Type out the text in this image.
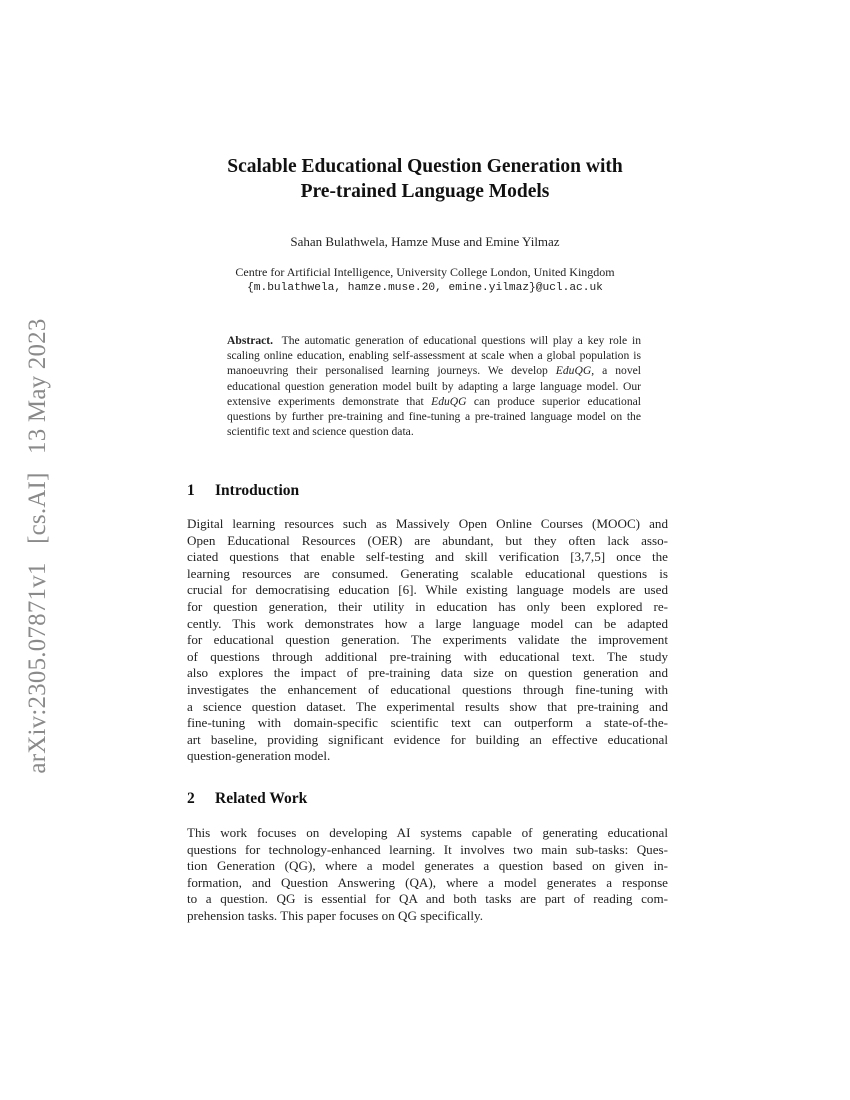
arXiv:2305.07871v1 [cs.AI] 13 May 2023
Scalable Educational Question Generation with
Pre-trained Language Models
Sahan Bulathwela, Hamze Muse and Emine Yilmaz
Centre for Artificial Intelligence, University College London, United Kingdom
{m.bulathwela, hamze.muse.20, emine.yilmaz}@ucl.ac.uk
Abstract. The automatic generation of educational questions will play a key role in scaling online education, enabling self-assessment at scale when a global population is manoeuvring their personalised learning journeys. We develop EduQG, a novel educational question generation model built by adapting a large language model. Our extensive experiments demonstrate that EduQG can produce superior educational questions by further pre-training and fine-tuning a pre-trained language model on the scientific text and science question data.
1 Introduction
Digital learning resources such as Massively Open Online Courses (MOOC) and
Open Educational Resources (OER) are abundant, but they often lack asso-
ciated questions that enable self-testing and skill verification [3,7,5] once the
learning resources are consumed. Generating scalable educational questions is
crucial for democratising education [6]. While existing language models are used
for question generation, their utility in education has only been explored re-
cently. This work demonstrates how a large language model can be adapted
for educational question generation. The experiments validate the improvement
of questions through additional pre-training with educational text. The study
also explores the impact of pre-training data size on question generation and
investigates the enhancement of educational questions through fine-tuning with
a science question dataset. The experimental results show that pre-training and
fine-tuning with domain-specific scientific text can outperform a state-of-the-
art baseline, providing significant evidence for building an effective educational
question-generation model.
2 Related Work
This work focuses on developing AI systems capable of generating educational
questions for technology-enhanced learning. It involves two main sub-tasks: Ques-
tion Generation (QG), where a model generates a question based on given in-
formation, and Question Answering (QA), where a model generates a response
to a question. QG is essential for QA and both tasks are part of reading com-
prehension tasks. This paper focuses on QG specifically.
